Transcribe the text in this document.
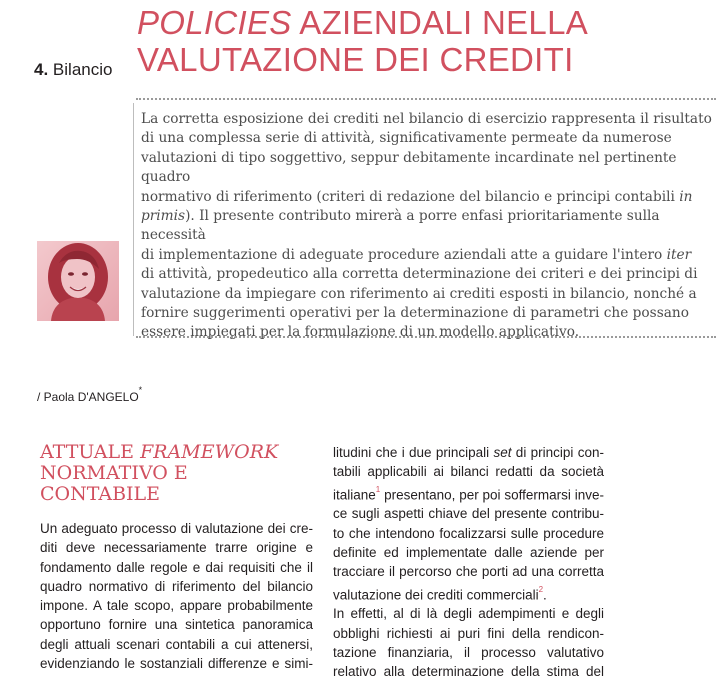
4. Bilancio
POLICIES AZIENDALI NELLA
VALUTAZIONE DEI CREDITI

La corretta esposizione dei crediti nel bilancio di esercizio rappresenta il risultato
di una complessa serie di attività, significativamente permeate da numerose
valutazioni di tipo soggettivo, seppur debitamente incardinate nel pertinente quadro
normativo di riferimento (criteri di redazione del bilancio e principi contabili in
primis). Il presente contributo mirerà a porre enfasi prioritariamente sulla necessità
di implementazione di adeguate procedure aziendali atte a guidare l'intero iter
di attività, propedeutico alla corretta determinazione dei criteri e dei principi di
valutazione da impiegare con riferimento ai crediti esposti in bilancio, nonché a
fornire suggerimenti operativi per la determinazione di parametri che possano
essere impiegati per la formulazione di un modello applicativo.

/ Paola D'ANGELO*
ATTUALE FRAMEWORK
NORMATIVO E CONTABILE
Un adeguato processo di valutazione dei cre-
diti deve necessariamente trarre origine e
fondamento dalle regole e dai requisiti che il
quadro normativo di riferimento del bilancio
impone. A tale scopo, appare probabilmente
opportuno fornire una sintetica panoramica
degli attuali scenari contabili a cui attenersi,
evidenziando le sostanziali differenze e simi-
litudini che i due principali set di principi con-
tabili applicabili ai bilanci redatti da società
italiane$^1$ presentano, per poi soffermarsi inve-
ce sugli aspetti chiave del presente contribu-
to che intendono focalizzarsi sulle procedure
definite ed implementate dalle aziende per
tracciare il percorso che porti ad una corretta
valutazione dei crediti commerciali$^2$.
In effetti, al di là degli adempimenti e degli
obblighi richiesti ai puri fini della rendicon-
tazione finanziaria, il processo valutativo
relativo alla determinazione della stima del
